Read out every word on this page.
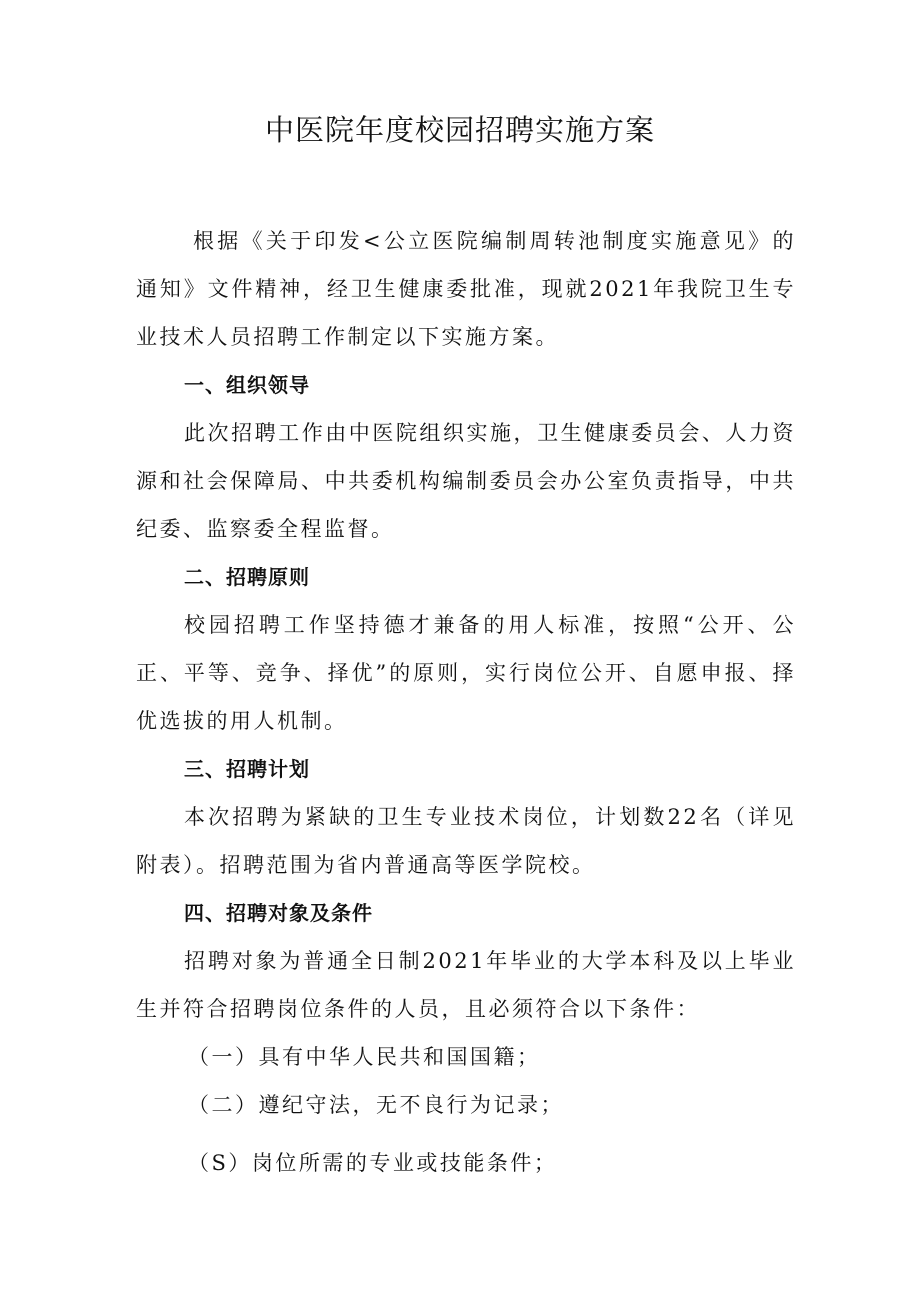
中医院年度校园招聘实施方案

根据《关于印发<公立医院编制周转池制度实施意见》的通知》文件精神，经卫生健康委批准，现就2021年我院卫生专业技术人员招聘工作制定以下实施方案。

一、组织领导

此次招聘工作由中医院组织实施，卫生健康委员会、人力资源和社会保障局、中共委机构编制委员会办公室负责指导，中共纪委、监察委全程监督。

二、招聘原则

校园招聘工作坚持德才兼备的用人标准，按照“公开、公正、平等、竞争、择优”的原则，实行岗位公开、自愿申报、择优选拔的用人机制。

三、招聘计划

本次招聘为紧缺的卫生专业技术岗位，计划数22名（详见附表）。招聘范围为省内普通高等医学院校。

四、招聘对象及条件

招聘对象为普通全日制2021年毕业的大学本科及以上毕业生并符合招聘岗位条件的人员，且必须符合以下条件：

（一）具有中华人民共和国国籍；
（二）遵纪守法，无不良行为记录；
（S）岗位所需的专业或技能条件；
